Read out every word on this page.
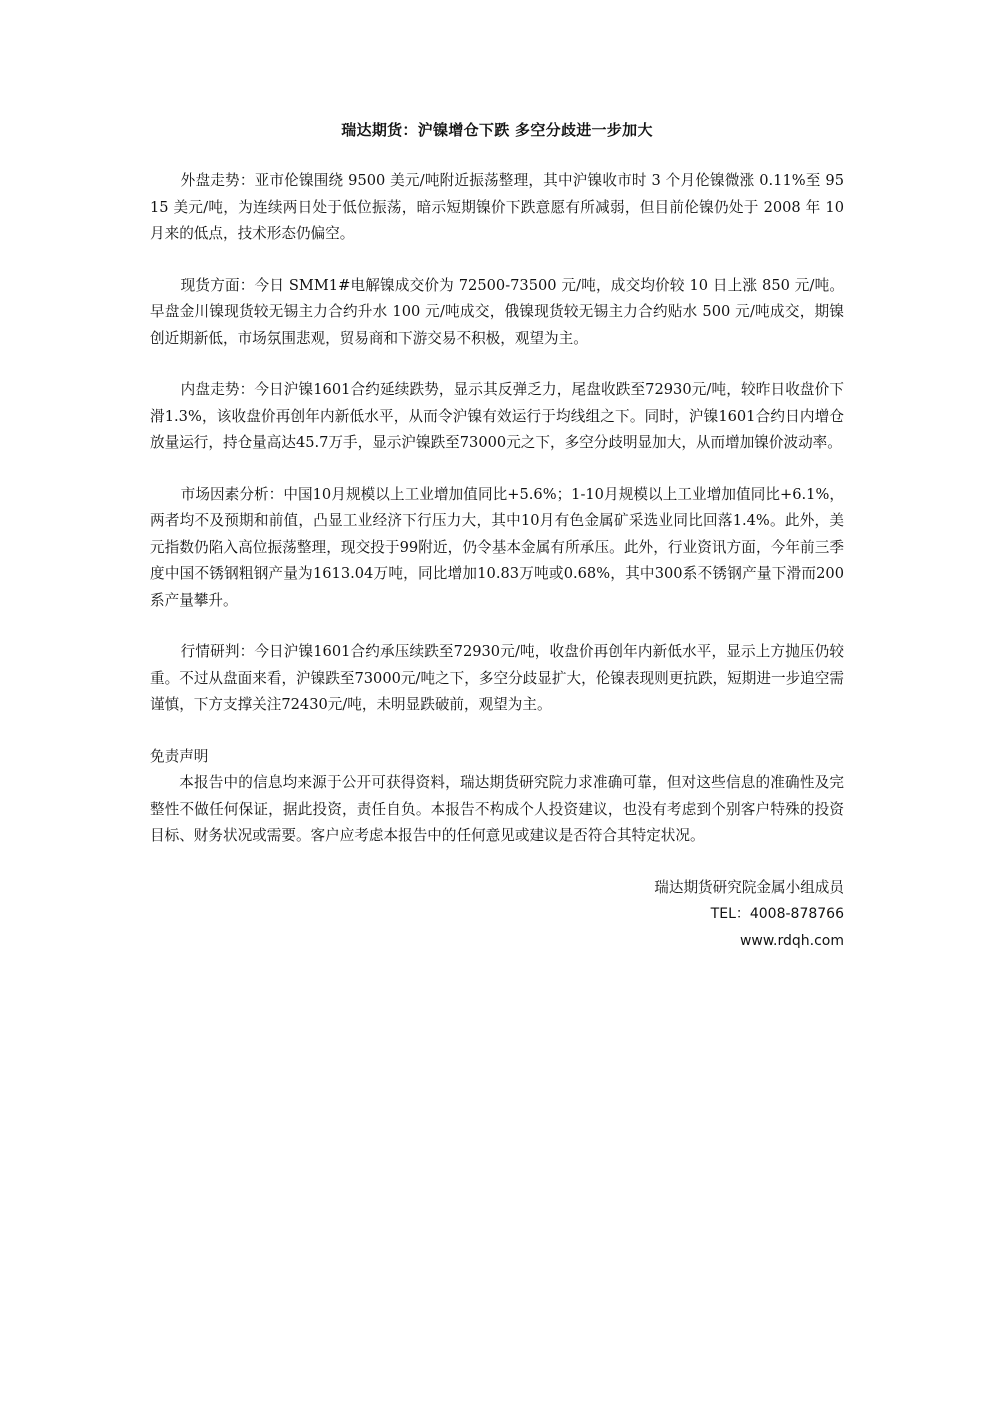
瑞达期货：沪镍增仓下跌 多空分歧进一步加大

外盘走势：亚市伦镍围绕 9500 美元/吨附近振荡整理，其中沪镍收市时 3 个月伦镍微涨 0.11%至 9515 美元/吨，为连续两日处于低位振荡，暗示短期镍价下跌意愿有所减弱，但目前伦镍仍处于 2008 年 10 月来的低点，技术形态仍偏空。

现货方面：今日 SMM1#电解镍成交价为 72500-73500 元/吨，成交均价较 10 日上涨 850 元/吨。早盘金川镍现货较无锡主力合约升水 100 元/吨成交，俄镍现货较无锡主力合约贴水 500 元/吨成交，期镍创近期新低，市场氛围悲观，贸易商和下游交易不积极，观望为主。

内盘走势：今日沪镍1601合约延续跌势，显示其反弹乏力，尾盘收跌至72930元/吨，较昨日收盘价下滑1.3%，该收盘价再创年内新低水平，从而令沪镍有效运行于均线组之下。同时，沪镍1601合约日内增仓放量运行，持仓量高达45.7万手，显示沪镍跌至73000元之下，多空分歧明显加大，从而增加镍价波动率。

市场因素分析：中国10月规模以上工业增加值同比+5.6%；1-10月规模以上工业增加值同比+6.1%，两者均不及预期和前值，凸显工业经济下行压力大，其中10月有色金属矿采选业同比回落1.4%。此外，美元指数仍陷入高位振荡整理，现交投于99附近，仍令基本金属有所承压。此外，行业资讯方面，今年前三季度中国不锈钢粗钢产量为1613.04万吨，同比增加10.83万吨或0.68%，其中300系不锈钢产量下滑而200系产量攀升。

行情研判：今日沪镍1601合约承压续跌至72930元/吨，收盘价再创年内新低水平，显示上方抛压仍较重。不过从盘面来看，沪镍跌至73000元/吨之下，多空分歧显扩大，伦镍表现则更抗跌，短期进一步追空需谨慎，下方支撑关注72430元/吨，未明显跌破前，观望为主。

免责声明

本报告中的信息均来源于公开可获得资料，瑞达期货研究院力求准确可靠，但对这些信息的准确性及完整性不做任何保证，据此投资，责任自负。本报告不构成个人投资建议，也没有考虑到个别客户特殊的投资目标、财务状况或需要。客户应考虑本报告中的任何意见或建议是否符合其特定状况。

瑞达期货研究院金属小组成员
TEL：4008-878766
www.rdqh.com
